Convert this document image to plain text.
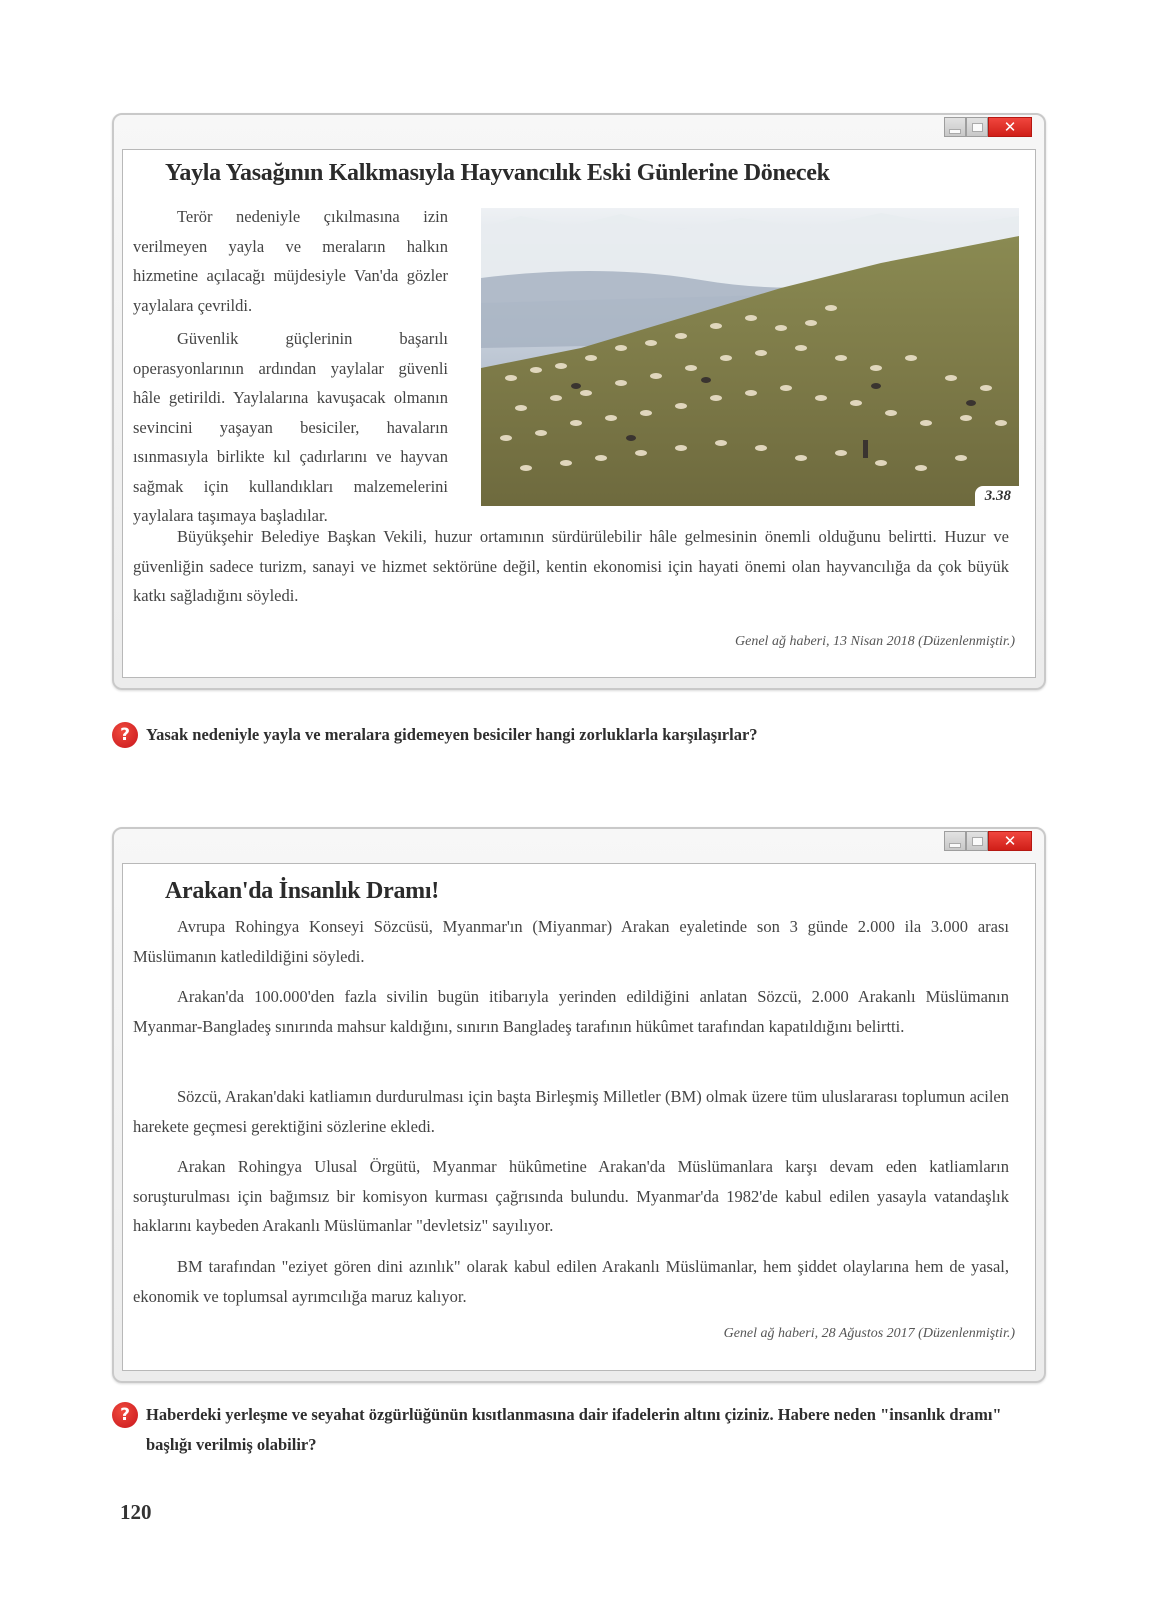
✕
Yayla Yasağının Kalkmasıyla Hayvancılık Eski Günlerine Dönecek

Terör nedeniyle çıkılmasına izin verilmeyen yayla ve meraların halkın hizmetine açılacağı müjdesiyle Van'da gözler yaylalara çevrildi.

Güvenlik güçlerinin başarılı operasyonlarının ardından yaylalar güvenli hâle getirildi. Yaylalarına kavuşacak olmanın sevincini yaşayan besiciler, havaların ısınmasıyla birlikte kıl çadırlarını ve hayvan sağmak için kullandıkları malzemelerini yaylalara taşımaya başladılar.

3.38

Büyükşehir Belediye Başkan Vekili, huzur ortamının sürdürülebilir hâle gelmesinin önemli olduğunu belirtti. Huzur ve güvenliğin sadece turizm, sanayi ve hizmet sektörüne değil, kentin ekonomisi için hayati önemi olan hayvancılığa da çok büyük katkı sağladığını söyledi.

Genel ağ haberi, 13 Nisan 2018 (Düzenlenmiştir.)
? Yasak nedeniyle yayla ve meralara gidemeyen besiciler hangi zorluklarla karşılaşırlar?
✕
Arakan'da İnsanlık Dramı!

Avrupa Rohingya Konseyi Sözcüsü, Myanmar'ın (Miyanmar) Arakan eyaletinde son 3 günde 2.000 ila 3.000 arası Müslümanın katledildiğini söyledi.

Arakan'da 100.000'den fazla sivilin bugün itibarıyla yerinden edildiğini anlatan Sözcü, 2.000 Arakanlı Müslümanın Myanmar-Bangladeş sınırında mahsur kaldığını, sınırın Bangladeş tarafının hükûmet tarafından kapatıldığını belirtti.

Sözcü, Arakan'daki katliamın durdurulması için başta Birleşmiş Milletler (BM) olmak üzere tüm uluslararası toplumun acilen harekete geçmesi gerektiğini sözlerine ekledi.

Arakan Rohingya Ulusal Örgütü, Myanmar hükûmetine Arakan'da Müslümanlara karşı devam eden katliamların soruşturulması için bağımsız bir komisyon kurması çağrısında bulundu. Myanmar'da 1982'de kabul edilen yasayla vatandaşlık haklarını kaybeden Arakanlı Müslümanlar "devletsiz" sayılıyor.

BM tarafından "eziyet gören dini azınlık" olarak kabul edilen Arakanlı Müslümanlar, hem şiddet olaylarına hem de yasal, ekonomik ve toplumsal ayrımcılığa maruz kalıyor.

Genel ağ haberi, 28 Ağustos 2017 (Düzenlenmiştir.)
? Haberdeki yerleşme ve seyahat özgürlüğünün kısıtlanmasına dair ifadelerin altını çiziniz. Habere neden "insanlık dramı" başlığı verilmiş olabilir?
120
